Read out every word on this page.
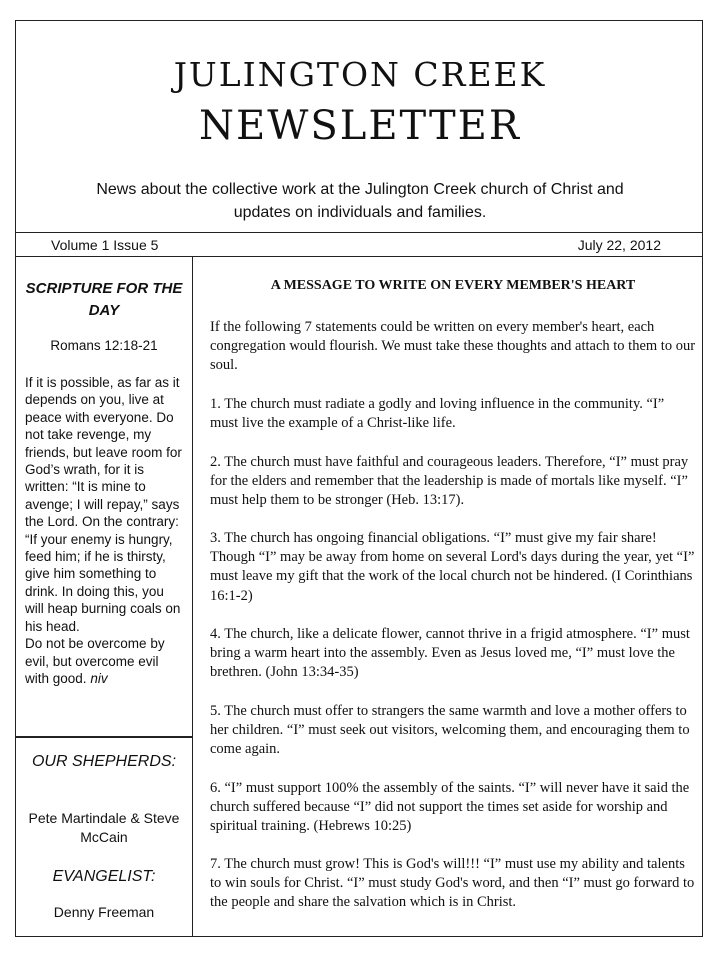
JULINGTON CREEK
NEWSLETTER
News about the collective work at the Julington Creek church of Christ and updates on individuals and families.
Volume 1 Issue 5	July 22, 2012
SCRIPTURE FOR THE DAY
Romans 12:18-21
If it is possible, as far as it depends on you, live at peace with everyone. Do not take revenge, my friends, but leave room for God’s wrath, for it is written: “It is mine to avenge; I will repay,” says the Lord. On the contrary: “If your enemy is hungry, feed him; if he is thirsty, give him something to drink. In doing this, you will heap burning coals on his head.
Do not be overcome by evil, but overcome evil with good. niv
OUR SHEPHERDS:
Pete Martindale & Steve McCain
EVANGELIST:
Denny Freeman
A MESSAGE TO WRITE ON EVERY MEMBER'S HEART
If the following 7 statements could be written on every member's heart, each congregation would flourish. We must take these thoughts and attach to them to our soul.
1. The church must radiate a godly and loving influence in the community. “I” must live the example of a Christ-like life.
2. The church must have faithful and courageous leaders. Therefore, “I” must pray for the elders and remember that the leadership is made of mortals like myself. “I” must help them to be stronger (Heb. 13:17).
3. The church has ongoing financial obligations. “I” must give my fair share! Though “I” may be away from home on several Lord's days during the year, yet “I” must leave my gift that the work of the local church not be hindered. (I Corinthians 16:1-2)
4. The church, like a delicate flower, cannot thrive in a frigid atmosphere. “I” must bring a warm heart into the assembly. Even as Jesus loved me, “I” must love the brethren. (John 13:34-35)
5. The church must offer to strangers the same warmth and love a mother offers to her children. “I” must seek out visitors, welcoming them, and encouraging them to come again.
6. “I” must support 100% the assembly of the saints. “I” will never have it said the church suffered because “I” did not support the times set aside for worship and spiritual training. (Hebrews 10:25)
7. The church must grow! This is God's will!!! “I” must use my ability and talents to win souls for Christ. “I” must study God's word, and then “I” must go forward to the people and share the salvation which is in Christ.
